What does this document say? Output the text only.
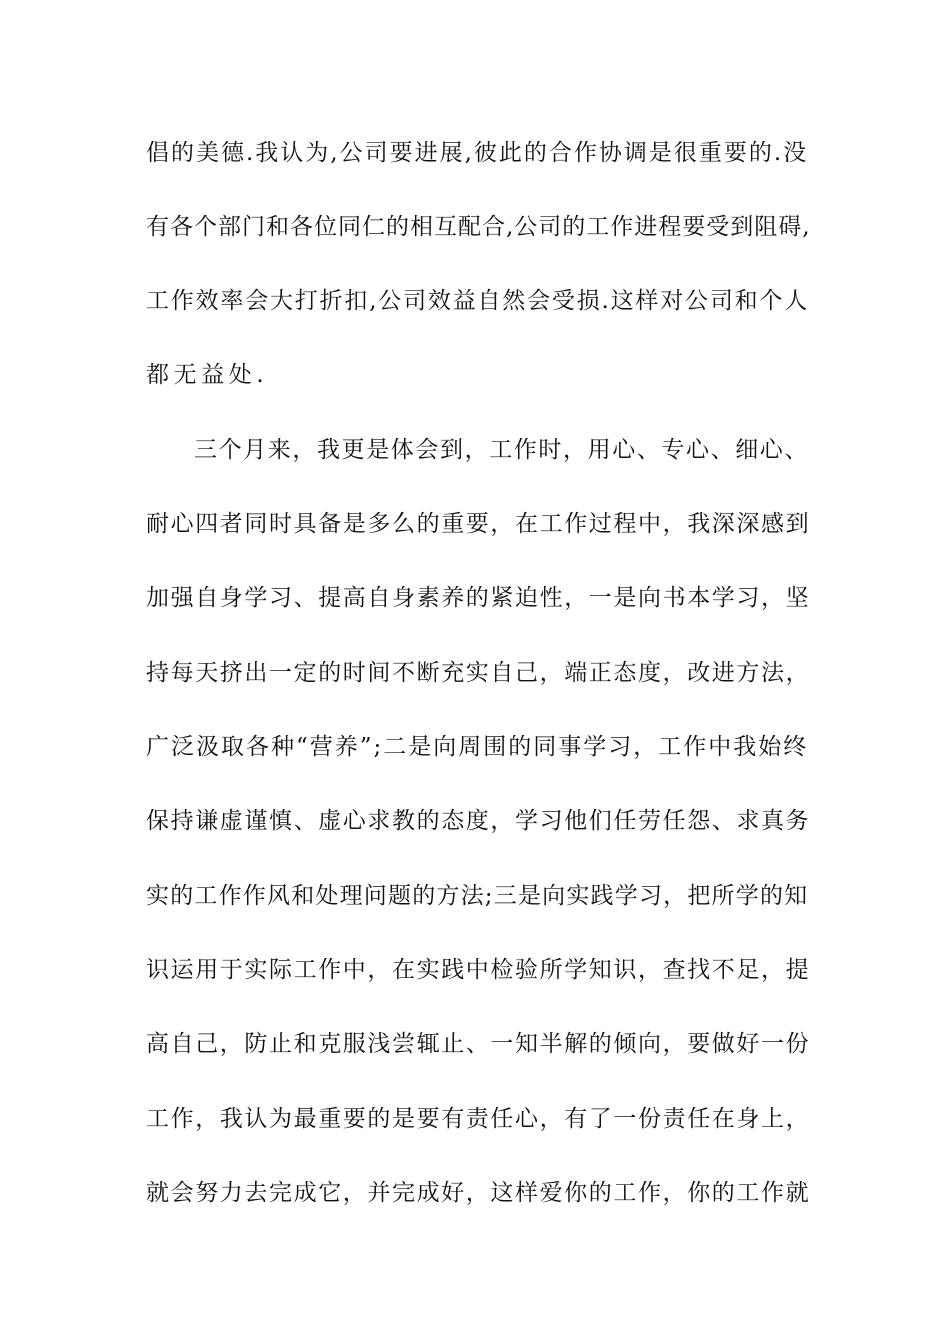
倡的美德.我认为,公司要进展,彼此的合作协调是很重要的.没
有各个部门和各位同仁的相互配合,公司的工作进程要受到阻碍,
工作效率会大打折扣,公司效益自然会受损.这样对公司和个人
都无益处.
三个月来，我更是体会到，工作时，用心、专心、细心、
耐心四者同时具备是多么的重要，在工作过程中，我深深感到
加强自身学习、提高自身素养的紧迫性，一是向书本学习，坚
持每天挤出一定的时间不断充实自己，端正态度，改进方法，
广泛汲取各种“营养”;二是向周围的同事学习，工作中我始终
保持谦虚谨慎、虚心求教的态度，学习他们任劳任怨、求真务
实的工作作风和处理问题的方法;三是向实践学习，把所学的知
识运用于实际工作中，在实践中检验所学知识，查找不足，提
高自己，防止和克服浅尝辄止、一知半解的倾向，要做好一份
工作，我认为最重要的是要有责任心，有了一份责任在身上，
就会努力去完成它，并完成好，这样爱你的工作，你的工作就
